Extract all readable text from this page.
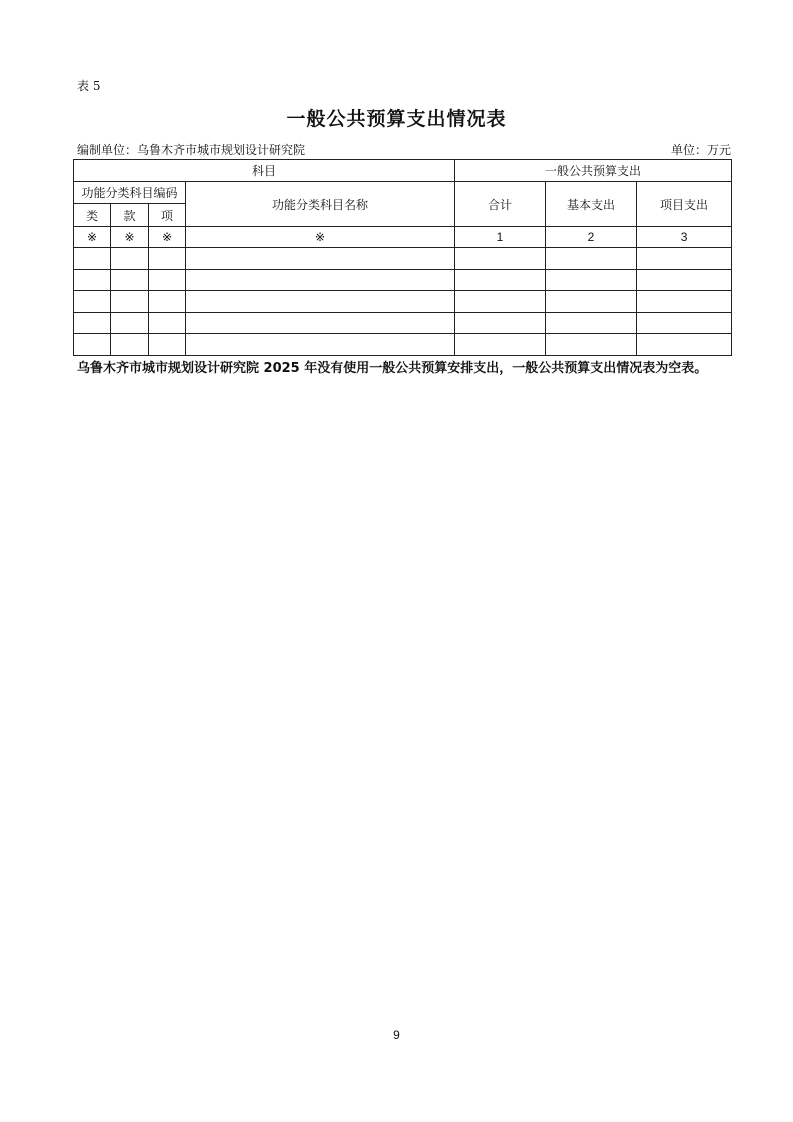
表 5
一般公共预算支出情况表
编制单位：乌鲁木齐市城市规划设计研究院	单位：万元
科目				一般公共预算支出		
功能分类科目编码			功能分类科目名称	合计	基本支出	项目支出
类	款	项				
※	※	※	※	1	2	3

乌鲁木齐市城市规划设计研究院 2025 年没有使用一般公共预算安排支出，一般公共预算支出情况表为空表。
9
